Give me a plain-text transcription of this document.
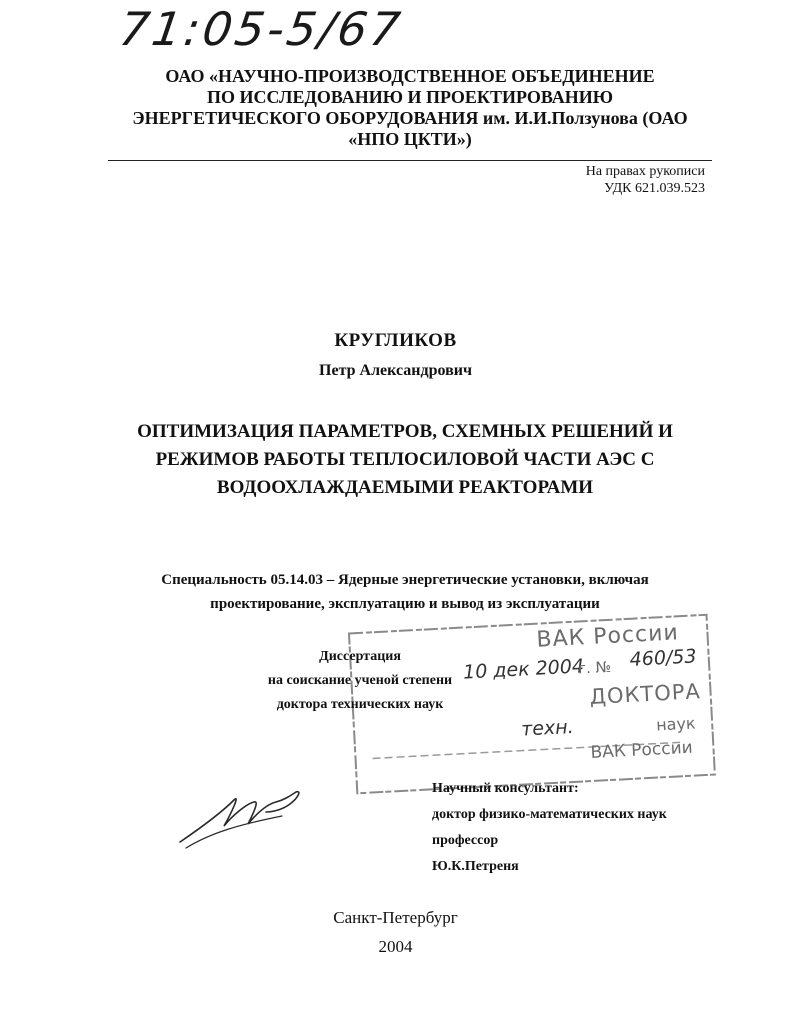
71:05-5/67
ОАО «НАУЧНО-ПРОИЗВОДСТВЕННОЕ ОБЪЕДИНЕНИЕ
ПО ИССЛЕДОВАНИЮ И ПРОЕКТИРОВАНИЮ
ЭНЕРГЕТИЧЕСКОГО ОБОРУДОВАНИЯ им. И.И.Ползунова (ОАО
«НПО ЦКТИ»)
На правах рукописи
УДК 621.039.523
КРУГЛИКОВ
Петр Александрович
ОПТИМИЗАЦИЯ ПАРАМЕТРОВ, СХЕМНЫХ РЕШЕНИЙ И
РЕЖИМОВ РАБОТЫ ТЕПЛОСИЛОВОЙ ЧАСТИ АЭС С
ВОДООХЛАЖДАЕМЫМИ РЕАКТОРАМИ
Специальность 05.14.03 – Ядерные энергетические установки, включая
проектирование, эксплуатацию и вывод из эксплуатации
ВАК России
10 дек 2004
г. № 460/53
ДОКТОРА
техн.	наук
ВАК России
Диссертация
на соискание ученой степени
доктора технических наук
Научный консультант:
доктор физико-математических наук
профессор
Ю.К.Петреня
Санкт-Петербург
2004
